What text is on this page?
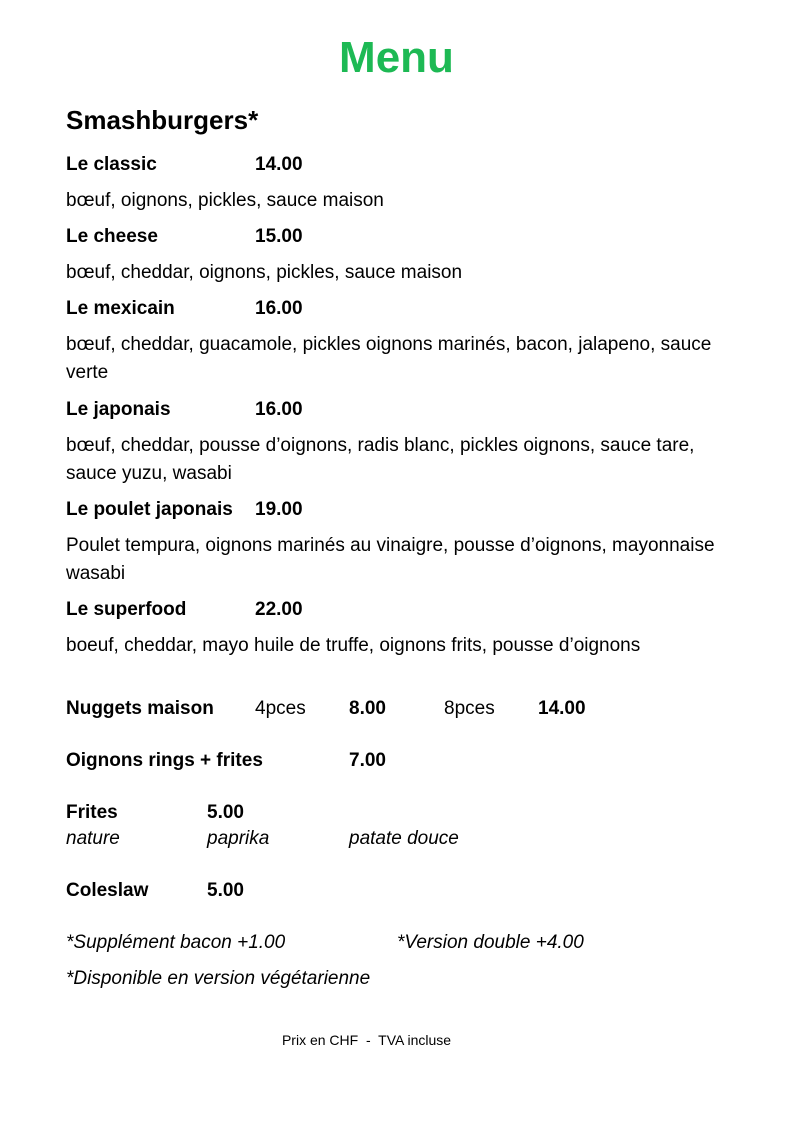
Menu
Smashburgers*
Le classic	14.00
bœuf, oignons, pickles, sauce maison
Le cheese	15.00
bœuf, cheddar, oignons, pickles, sauce maison
Le mexicain	16.00
bœuf, cheddar, guacamole, pickles oignons marinés, bacon, jalapeno, sauce verte
Le japonais	16.00
bœuf, cheddar, pousse d’oignons, radis blanc, pickles oignons, sauce tare, sauce yuzu, wasabi
Le poulet japonais 19.00
Poulet tempura, oignons marinés au vinaigre, pousse d’oignons, mayonnaise wasabi
Le superfood	22.00
boeuf, cheddar, mayo huile de truffe, oignons frits, pousse d’oignons
Nuggets maison 4pces 8.00	8pces 14.00
Oignons rings + frites	7.00
Frites	5.00
nature	paprika	patate douce
Coleslaw	5.00
*Supplément bacon +1.00	*Version double +4.00
*Disponible en version végétarienne
Prix en CHF  -  TVA incluse
